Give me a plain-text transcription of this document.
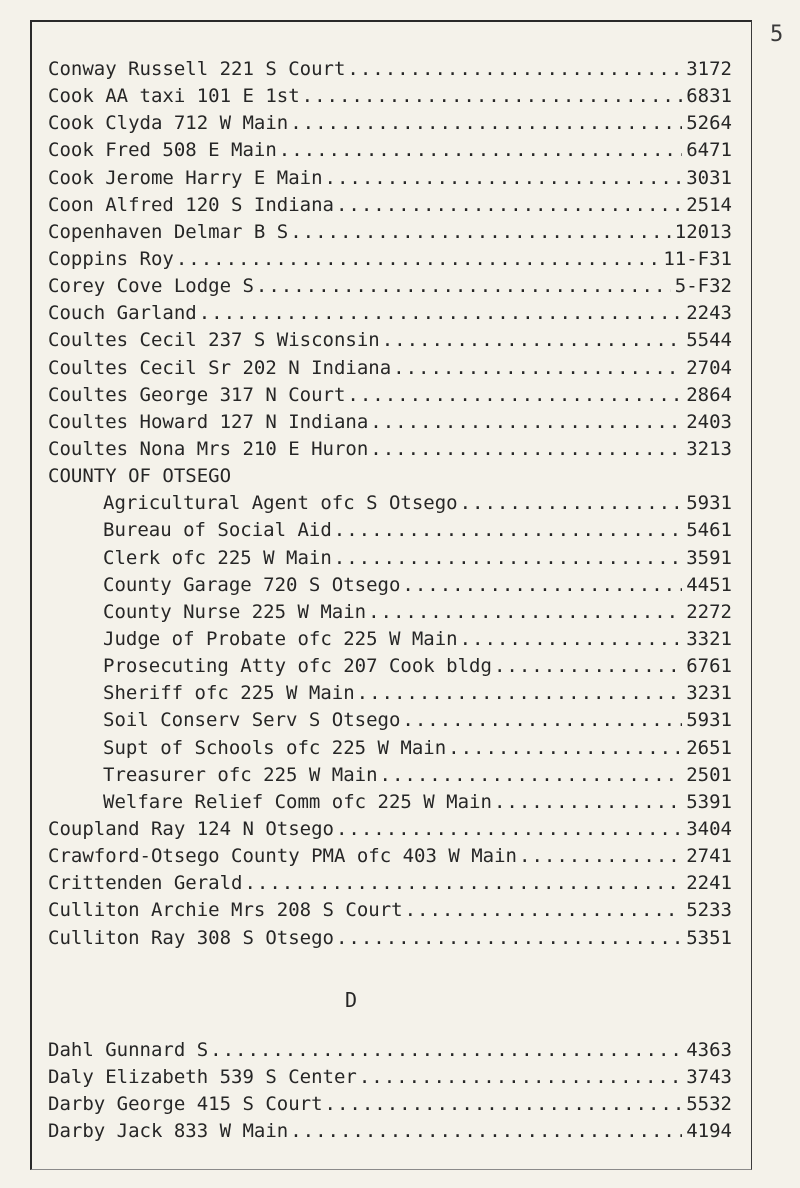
5
Conway Russell 221 S Court .....	3172
Cook AA taxi 101 E 1st .....	6831
Cook Clyda 712 W Main .....	5264
Cook Fred 508 E Main .....	6471
Cook Jerome Harry E Main .....	3031
Coon Alfred 120 S Indiana .....	2514
Copenhaven Delmar B S .....	12013
Coppins Roy .....	11-F31
Corey Cove Lodge S .....	5-F32
Couch Garland .....	2243
Coultes Cecil 237 S Wisconsin .....	5544
Coultes Cecil Sr 202 N Indiana .....	2704
Coultes George 317 N Court .....	2864
Coultes Howard 127 N Indiana .....	2403
Coultes Nona Mrs 210 E Huron .....	3213
COUNTY OF OTSEGO
Agricultural Agent ofc S Otsego .....	5931
Bureau of Social Aid .....	5461
Clerk ofc 225 W Main .....	3591
County Garage 720 S Otsego .....	4451
County Nurse 225 W Main .....	2272
Judge of Probate ofc 225 W Main .....	3321
Prosecuting Atty ofc 207 Cook bldg .....	6761
Sheriff ofc 225 W Main .....	3231
Soil Conserv Serv S Otsego .....	5931
Supt of Schools ofc 225 W Main .....	2651
Treasurer ofc 225 W Main .....	2501
Welfare Relief Comm ofc 225 W Main .....	5391
Coupland Ray 124 N Otsego .....	3404
Crawford-Otsego County PMA ofc 403 W Main .....	2741
Crittenden Gerald .....	2241
Culliton Archie Mrs 208 S Court .....	5233
Culliton Ray 308 S Otsego .....	5351
D
Dahl Gunnard S .....	4363
Daly Elizabeth 539 S Center .....	3743
Darby George 415 S Court .....	5532
Darby Jack 833 W Main .....	4194
